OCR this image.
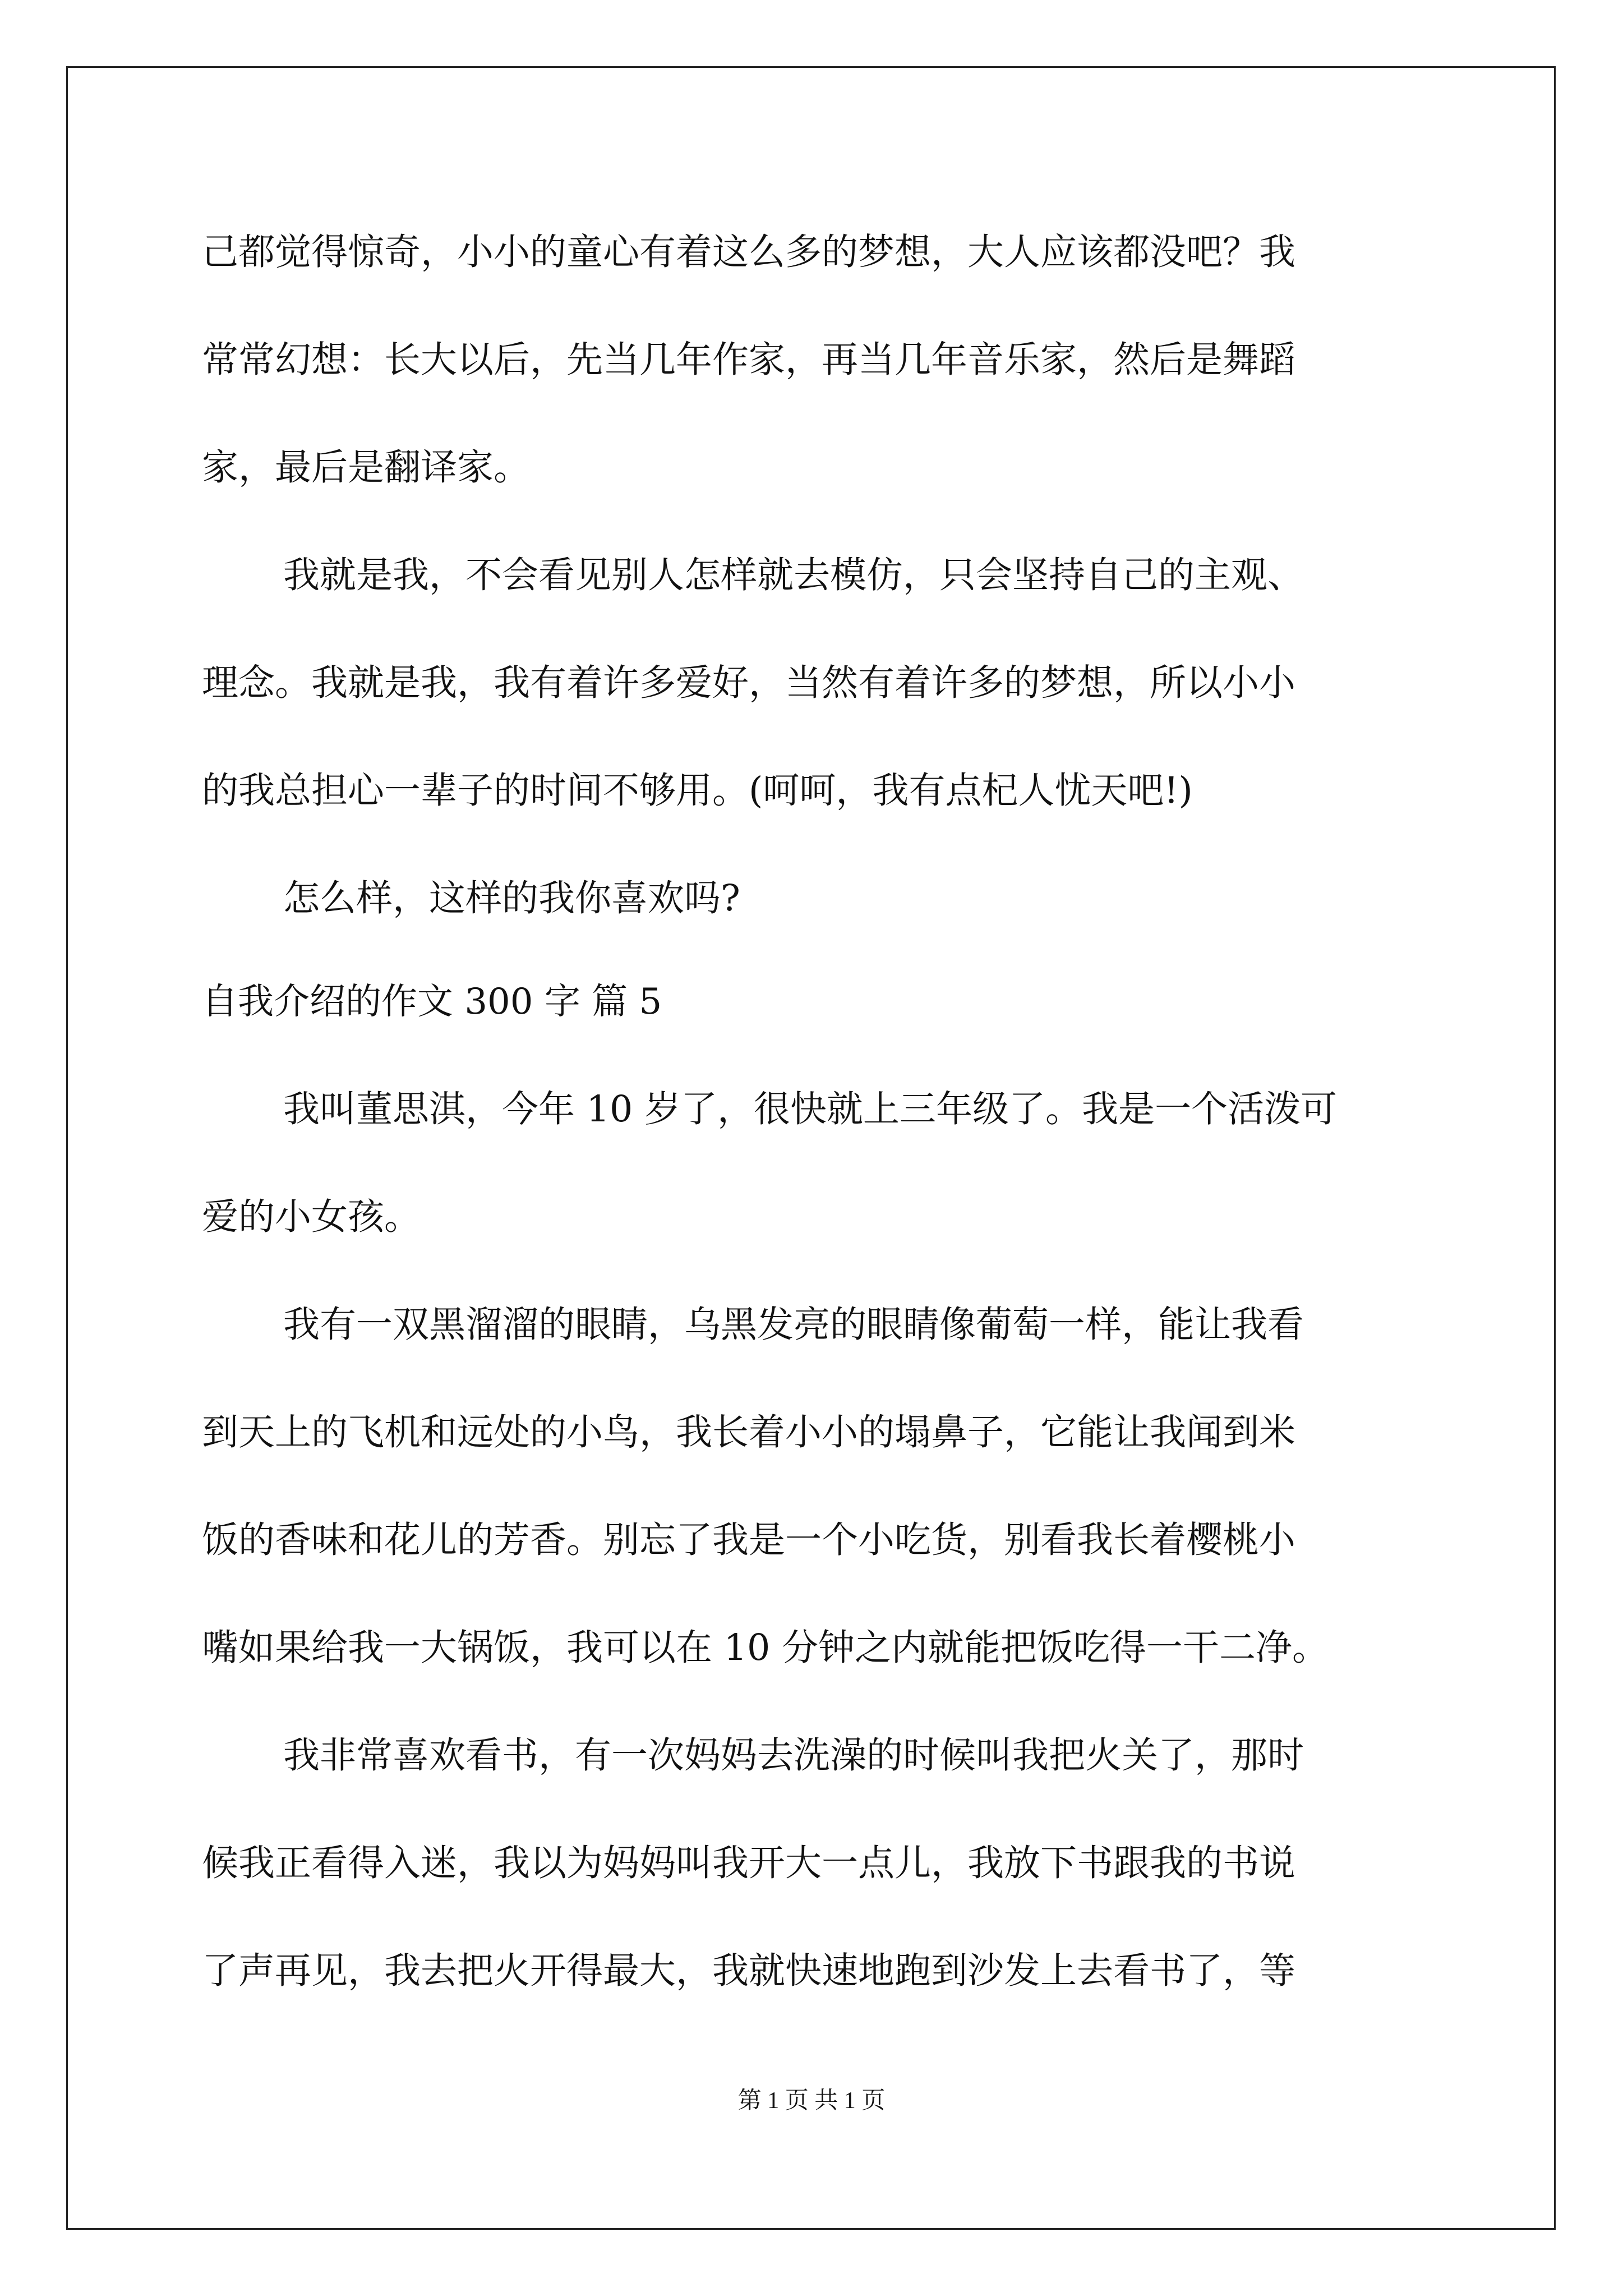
己都觉得惊奇，小小的童心有着这么多的梦想，大人应该都没吧？我
常常幻想：长大以后，先当几年作家，再当几年音乐家，然后是舞蹈
家，最后是翻译家。
我就是我，不会看见别人怎样就去模仿，只会坚持自己的主观、
理念。我就是我，我有着许多爱好，当然有着许多的梦想，所以小小
的我总担心一辈子的时间不够用。(呵呵，我有点杞人忧天吧!)
怎么样，这样的我你喜欢吗?
自我介绍的作文 300 字 篇 5
我叫董思淇，今年 10 岁了，很快就上三年级了。我是一个活泼可
爱的小女孩。
我有一双黑溜溜的眼睛，乌黑发亮的眼睛像葡萄一样，能让我看
到天上的飞机和远处的小鸟，我长着小小的塌鼻子，它能让我闻到米
饭的香味和花儿的芳香。别忘了我是一个小吃货，别看我长着樱桃小
嘴如果给我一大锅饭，我可以在 10 分钟之内就能把饭吃得一干二净。
我非常喜欢看书，有一次妈妈去洗澡的时候叫我把火关了，那时
候我正看得入迷，我以为妈妈叫我开大一点儿，我放下书跟我的书说
了声再见，我去把火开得最大，我就快速地跑到沙发上去看书了，等
第 1 页 共 1 页
